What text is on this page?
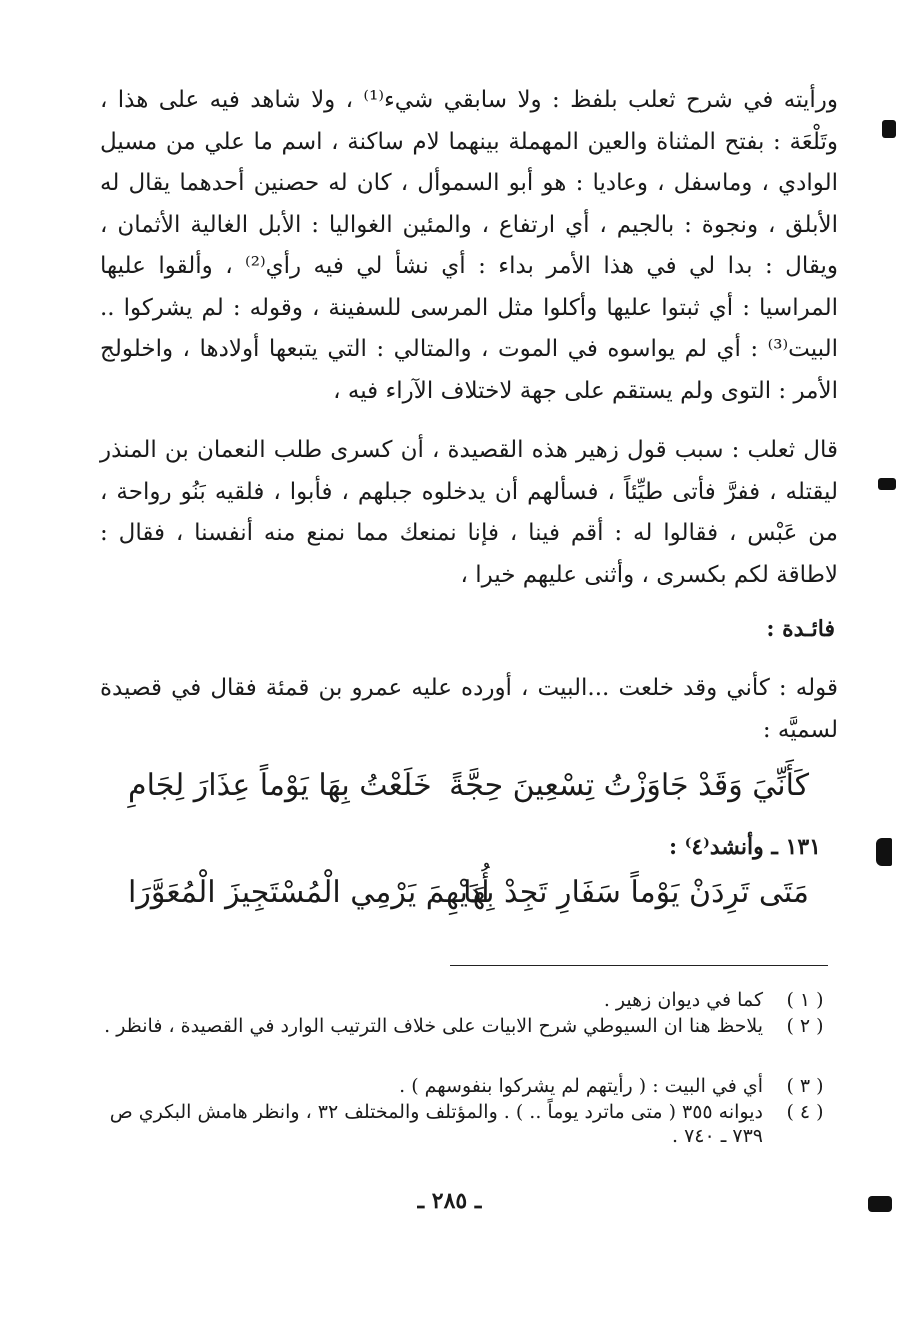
ورأيته في شرح ثعلب بلفظ : ولا سابقي شيء⁽¹⁾ ، ولا شاهد فيه على هذا ، وتَلْعَة : بفتح المثناة والعين المهملة بينهما لام ساكنة ، اسم ما علي من مسيل الوادي ، وماسفل ، وعاديا : هو أبو السموأل ، كان له حصنين أحدهما يقال له الأبلق ، ونجوة : بالجيم ، أي ارتفاع ، والمئين الغواليا : الأبل الغالية الأثمان ، ويقال : بدا لي في هذا الأمر بداء : أي نشأ لي فيه رأي⁽²⁾ ، وألقوا عليها المراسيا : أي ثبتوا عليها وأكلوا مثل المرسى للسفينة ، وقوله : لم يشركوا .. البيت⁽³⁾ : أي لم يواسوه في الموت ، والمتالي : التي يتبعها أولادها ، واخلولج الأمر : التوى ولم يستقم على جهة لاختلاف الآراء فيه ،

قال ثعلب : سبب قول زهير هذه القصيدة ، أن كسرى طلب النعمان بن المنذر ليقتله ، ففرَّ فأتى طيِّئاً ، فسألهم أن يدخلوه جبلهم ، فأبوا ، فلقيه بَنُو رواحة ، من عَبْس ، فقالوا له : أقم فينا ، فإنا نمنعك مما نمنع منه أنفسنا ، فقال : لاطاقة لكم بكسرى ، وأثنى عليهم خيرا ،

فائـدة :

قوله : كأني وقد خلعت ...البيت ، أورده عليه عمرو بن قمئة فقال في قصيدة لسميَّه :

كَأَنِّيَ وَقَدْ جَاوَزْتُ تِسْعِينَ حِجَّةً
خَلَعْتُ بِهَا يَوْماً عِذَارَ لِجَامِ
١٣١ ـ وأنشد⁽٤⁾ :
مَتَى تَرِدَنْ يَوْماً سَفَارِ تَجِدْ بِهَا
أُدَيْهِمَ يَرْمِي الْمُسْتَجِيزَ الْمُعَوَّرَا
( ١ )
كما في ديوان زهير .
( ٢ )
يلاحظ هنا ان السيوطي شرح الابيات على خلاف الترتيب الوارد في القصيدة ، فانظر .
( ٣ )
أي في البيت : ( رأيتهم لم يشركوا بنفوسهم ) .
( ٤ )
ديوانه ٣٥٥ ( متى ماترد يوماً .. ) . والمؤتلف والمختلف ٣٢ ، وانظر هامش البكري ص ٧٣٩ ـ ٧٤٠ .
ـ ٢٨٥ ـ
